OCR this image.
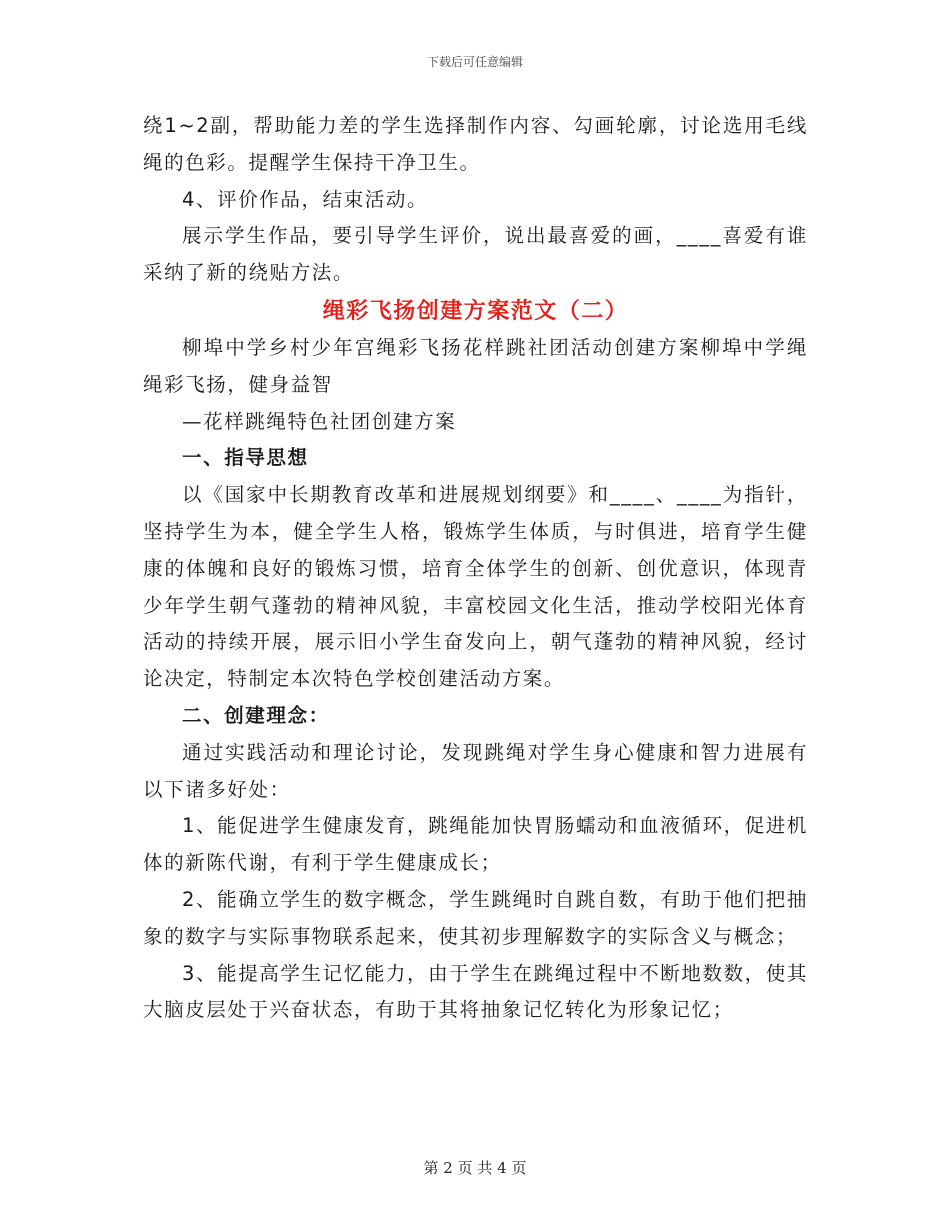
下载后可任意编辑

绕1~2副，帮助能力差的学生选择制作内容、勾画轮廓，讨论选用毛线绳的色彩。提醒学生保持干净卫生。

4、评价作品，结束活动。

展示学生作品，要引导学生评价，说出最喜爱的画，____喜爱有谁采纳了新的绕贴方法。

绳彩飞扬创建方案范文（二）

柳埠中学乡村少年宫绳彩飞扬花样跳社团活动创建方案柳埠中学绳绳彩飞扬，健身益智

—花样跳绳特色社团创建方案

一、指导思想

以《国家中长期教育改革和进展规划纲要》和____、____为指针，坚持学生为本，健全学生人格，锻炼学生体质，与时俱进，培育学生健康的体魄和良好的锻炼习惯，培育全体学生的创新、创优意识，体现青少年学生朝气蓬勃的精神风貌，丰富校园文化生活，推动学校阳光体育活动的持续开展，展示旧小学生奋发向上，朝气蓬勃的精神风貌，经讨论决定，特制定本次特色学校创建活动方案。

二、创建理念：

通过实践活动和理论讨论，发现跳绳对学生身心健康和智力进展有以下诸多好处：

1、能促进学生健康发育，跳绳能加快胃肠蠕动和血液循环，促进机体的新陈代谢，有利于学生健康成长；

2、能确立学生的数字概念，学生跳绳时自跳自数，有助于他们把抽象的数字与实际事物联系起来，使其初步理解数字的实际含义与概念；

3、能提高学生记忆能力，由于学生在跳绳过程中不断地数数，使其大脑皮层处于兴奋状态，有助于其将抽象记忆转化为形象记忆；

第 2 页 共 4 页
